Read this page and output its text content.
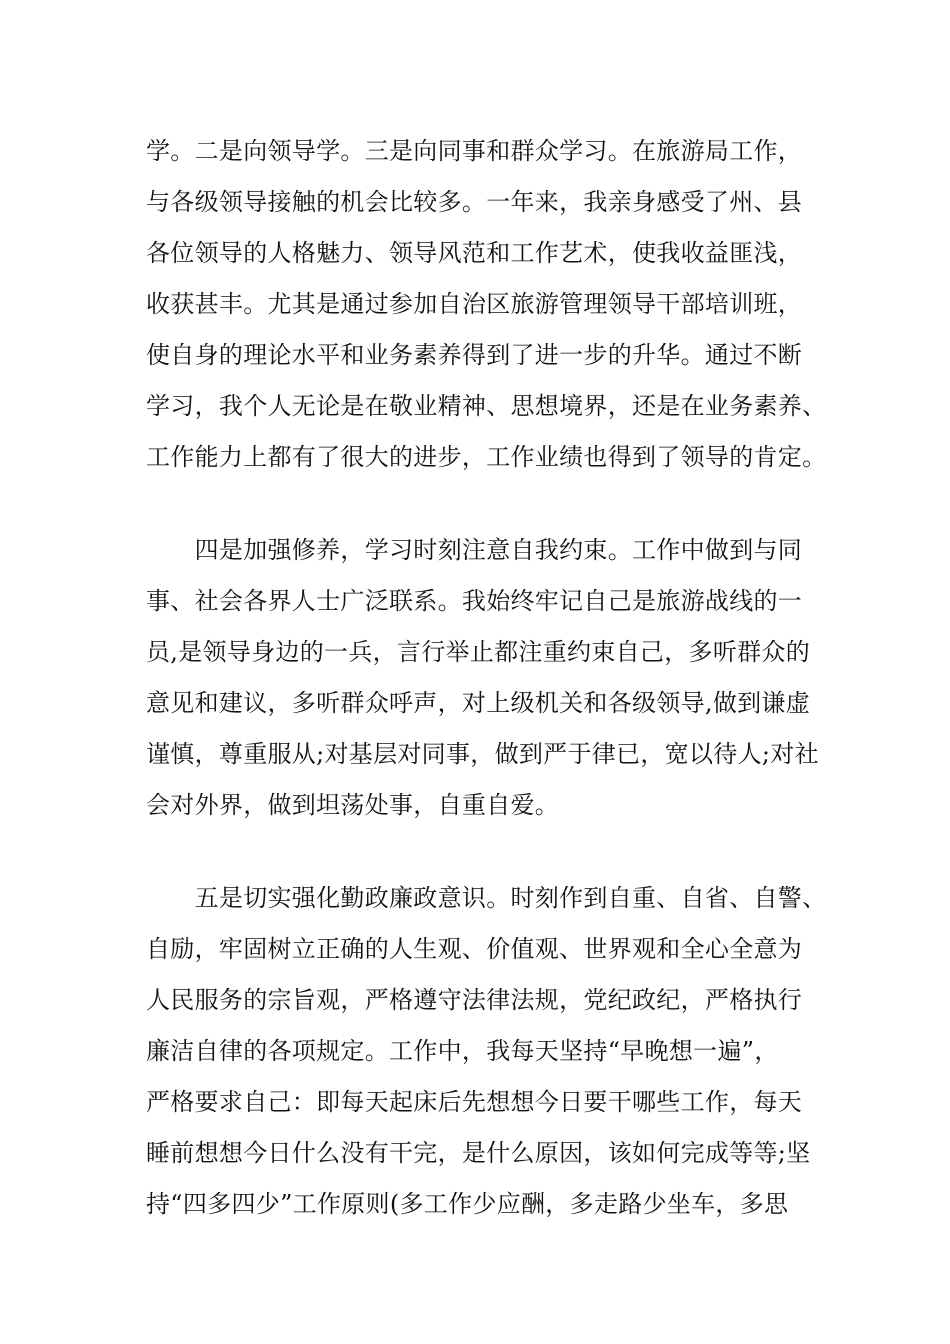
学。二是向领导学。三是向同事和群众学习。在旅游局工作，
与各级领导接触的机会比较多。一年来，我亲身感受了州、县
各位领导的人格魅力、领导风范和工作艺术，使我收益匪浅，
收获甚丰。尤其是通过参加自治区旅游管理领导干部培训班，
使自身的理论水平和业务素养得到了进一步的升华。通过不断
学习，我个人无论是在敬业精神、思想境界，还是在业务素养、
工作能力上都有了很大的进步，工作业绩也得到了领导的肯定。
　　四是加强修养，学习时刻注意自我约束。工作中做到与同
事、社会各界人士广泛联系。我始终牢记自己是旅游战线的一
员,是领导身边的一兵，言行举止都注重约束自己，多听群众的
意见和建议，多听群众呼声，对上级机关和各级领导,做到谦虚
谨慎，尊重服从;对基层对同事，做到严于律已，宽以待人;对社
会对外界，做到坦荡处事，自重自爱。
　　五是切实强化勤政廉政意识。时刻作到自重、自省、自警、
自励，牢固树立正确的人生观、价值观、世界观和全心全意为
人民服务的宗旨观，严格遵守法律法规，党纪政纪，严格执行
廉洁自律的各项规定。工作中，我每天坚持“早晚想一遍”，
严格要求自己：即每天起床后先想想今日要干哪些工作，每天
睡前想想今日什么没有干完，是什么原因，该如何完成等等;坚
持“四多四少”工作原则(多工作少应酬，多走路少坐车，多思
